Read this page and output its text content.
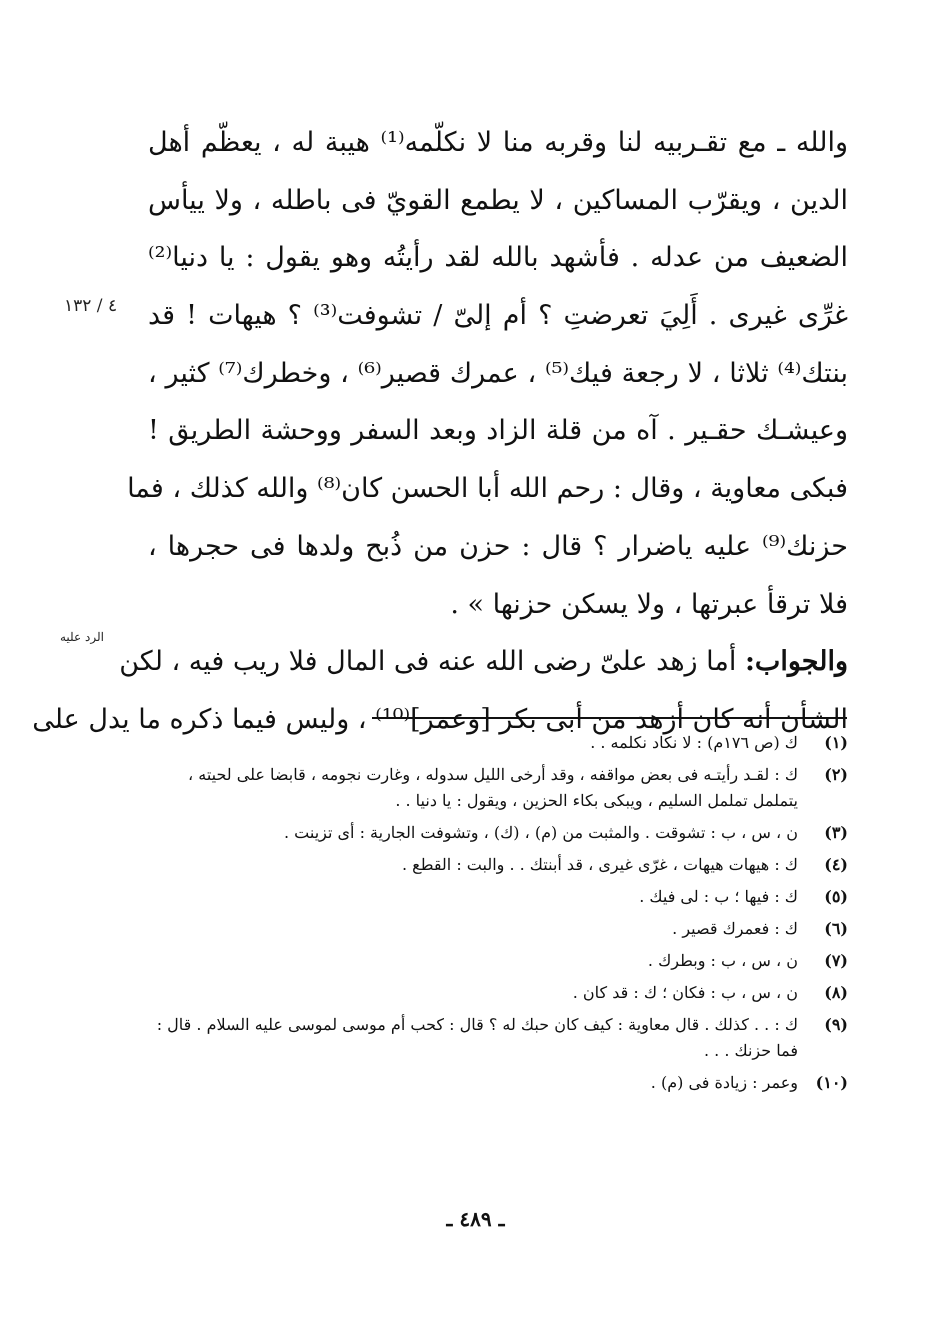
والله ـ مع تقـربيه لنا وقربه منا لا نكلّمه⁽¹⁾ هيبة له ، يعظّم أهل
الدين ، ويقرّب المساكين ، لا يطمع القويّ فى باطله ، ولا ييأس
الضعيف من عدله . فأشهد بالله لقد رأيتُه وهو يقول : يا دنيا⁽²⁾
غرِّى غيرى . أَلِيَ تعرضتِ ؟ أم إلىّ / تشوفت⁽³⁾ ؟ هيهات ! قد
بنتك⁽⁴⁾ ثلاثا ، لا رجعة فيك⁽⁵⁾ ، عمرك قصير⁽⁶⁾ ، وخطرك⁽⁷⁾ كثير ،
وعيشـك حقـير . آه من قلة الزاد وبعد السفر ووحشة الطريق !
فبكى معاوية ، وقال : رحم الله أبا الحسن كان⁽⁸⁾ والله كذلك ، فما
حزنك⁽⁹⁾ عليه ياضرار ؟ قال : حزن من ذُبح ولدها فى حجرها ،
فلا ترقأ عبرتها ، ولا يسكن حزنها » .
والجواب: أما زهد علىّ رضى الله عنه فى المال فلا ريب فيه ، لكن
الشأن أنه كان أزهد من أبى بكر [وعمر]⁽¹⁰⁾ ، وليس فيما ذكره ما يدل على
٤ / ١٣٢
الرد عليه
(١)
ك (ص ١٧٦م) : لا نكاد نكلمه . .
(٢)
ك : لقـد رأيتـه فى بعض مواقفه ، وقد أرخى الليل سدوله ، وغارت نجومه ، قابضا على لحيته ، يتململ تململ السليم ، ويبكى بكاء الحزين ، ويقول : يا دنيا . .
(٣)
ن ، س ، ب : تشوقت . والمثبت من (م) ، (ك) ، وتشوفت الجارية : أى تزينت .
(٤)
ك : هيهات هيهات ، غرّى غيرى ، قد أبنتك . . والبت : القطع .
(٥)
ك : فيها ؛ ب : لى فيك .
(٦)
ك : فعمرك قصير .
(٧)
ن ، س ، ب : وبطرك .
(٨)
ن ، س ، ب : فكان ؛ ك : قد كان .
(٩)
ك : . . كذلك . قال معاوية : كيف كان حبك له ؟ قال : كحب أم موسى لموسى عليه السلام . قال : فما حزنك . . .
(١٠)
وعمر : زيادة فى (م) .
ـ ٤٨٩ ـ
